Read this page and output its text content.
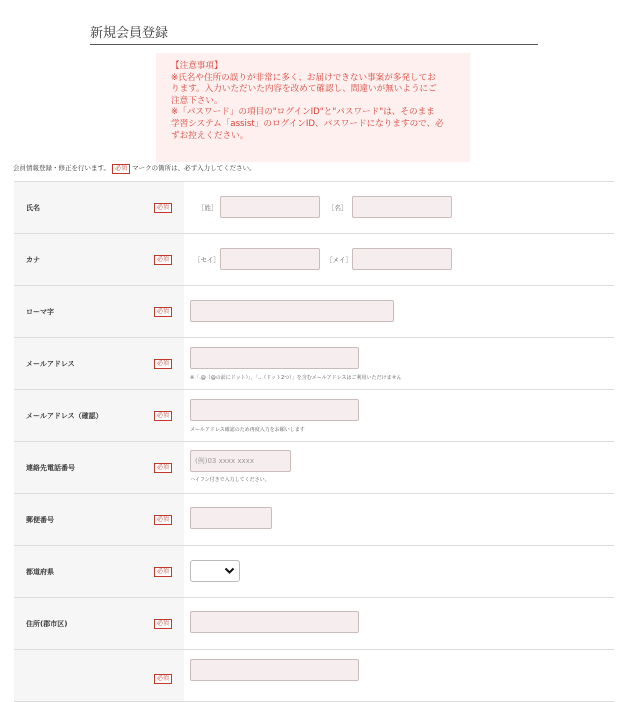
新規会員登録
【注意事項】
※氏名や住所の誤りが非常に多く、お届けできない事案が多発してお
ります。入力いただいた内容を改めて確認し、間違いが無いようにご
注意下さい。
※「パスワード」の項目の"ログインID"と"パスワード"は、そのまま
学習システム「assist」のログインID、パスワードになりますので、必
ずお控えください。
会員情報登録・修正を行います。 必須 マークの箇所は、必ず入力してください。
氏名	必須	［姓］	［名］
カナ	必須	［セイ］	［メイ］
ローマ字	必須
メールアドレス	必須
※「.@（@の前にドット）」、「..（ドット2つ）」を含むメールアドレスはご利用いただけません
メールアドレス（確認）	必須
メールアドレス確認のため再度入力をお願いします
連絡先電話番号	必須
(例)03 xxxx xxxx
ハイフン付きで入力してください。
郵便番号	必須
都道府県	必須
住所(郡市区)	必須
必須
